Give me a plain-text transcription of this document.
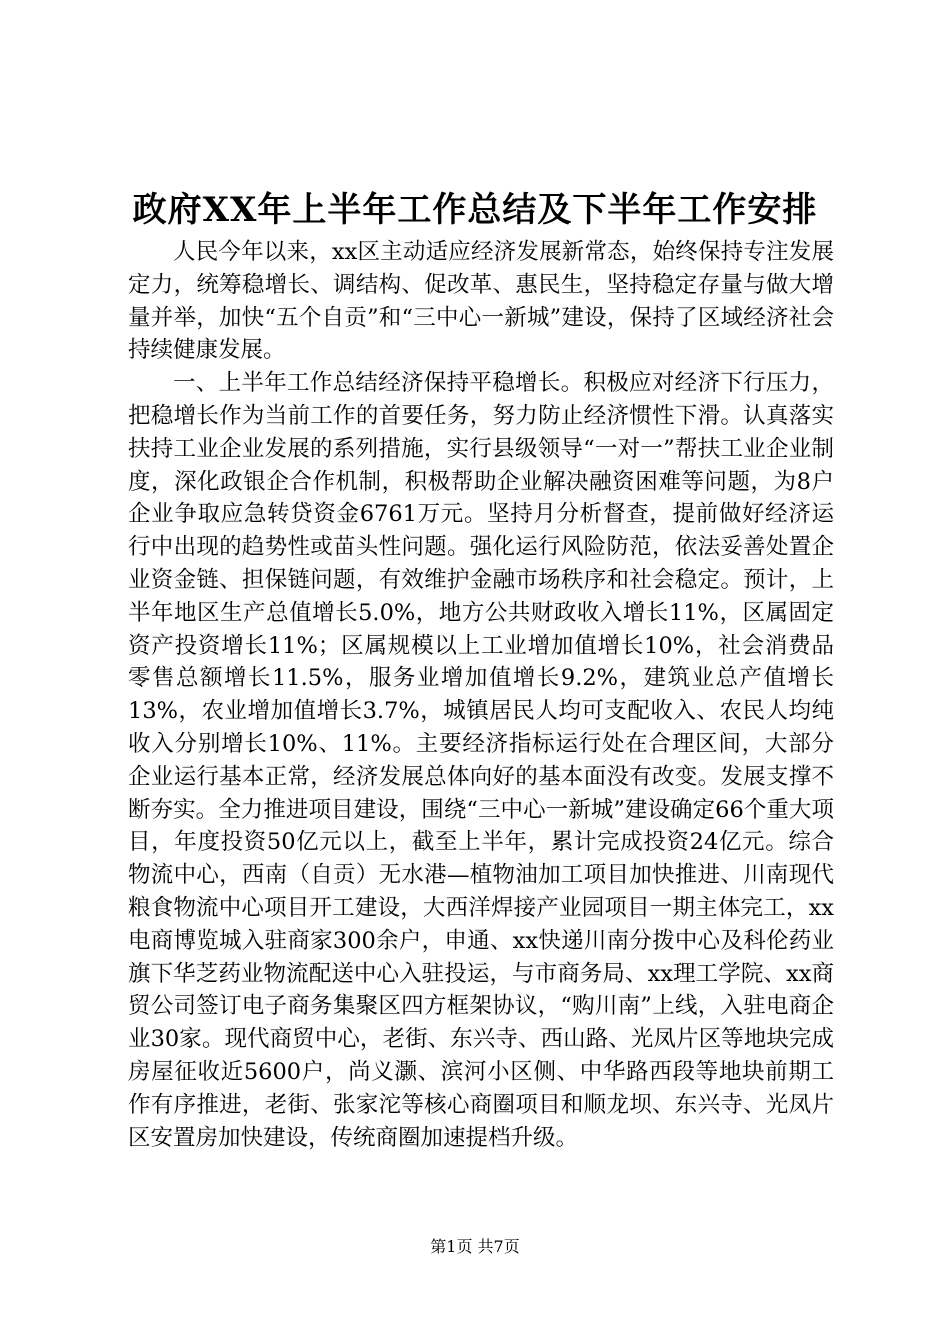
政府XX年上半年工作总结及下半年工作安排

人民今年以来，xx区主动适应经济发展新常态，始终保持专注发展定力，统筹稳增长、调结构、促改革、惠民生，坚持稳定存量与做大增量并举，加快“五个自贡”和“三中心一新城”建设，保持了区域经济社会持续健康发展。

一、上半年工作总结经济保持平稳增长。积极应对经济下行压力，把稳增长作为当前工作的首要任务，努力防止经济惯性下滑。认真落实扶持工业企业发展的系列措施，实行县级领导“一对一”帮扶工业企业制度，深化政银企合作机制，积极帮助企业解决融资困难等问题，为8户企业争取应急转贷资金6761万元。坚持月分析督查，提前做好经济运行中出现的趋势性或苗头性问题。强化运行风险防范，依法妥善处置企业资金链、担保链问题，有效维护金融市场秩序和社会稳定。预计，上半年地区生产总值增长5.0%，地方公共财政收入增长11%，区属固定资产投资增长11%；区属规模以上工业增加值增长10%，社会消费品零售总额增长11.5%，服务业增加值增长9.2%，建筑业总产值增长13%，农业增加值增长3.7%，城镇居民人均可支配收入、农民人均纯收入分别增长10%、11%。主要经济指标运行处在合理区间，大部分企业运行基本正常，经济发展总体向好的基本面没有改变。发展支撑不断夯实。全力推进项目建设，围绕“三中心一新城”建设确定66个重大项目，年度投资50亿元以上，截至上半年，累计完成投资24亿元。综合物流中心，西南（自贡）无水港—植物油加工项目加快推进、川南现代粮食物流中心项目开工建设，大西洋焊接产业园项目一期主体完工，xx电商博览城入驻商家300余户，申通、xx快递川南分拨中心及科伦药业旗下华芝药业物流配送中心入驻投运，与市商务局、xx理工学院、xx商贸公司签订电子商务集聚区四方框架协议，“购川南”上线，入驻电商企业30家。现代商贸中心，老街、东兴寺、西山路、光凤片区等地块完成房屋征收近5600户，尚义灏、滨河小区侧、中华路西段等地块前期工作有序推进，老街、张家沱等核心商圈项目和顺龙坝、东兴寺、光凤片区安置房加快建设，传统商圈加速提档升级。

第1页 共7页
